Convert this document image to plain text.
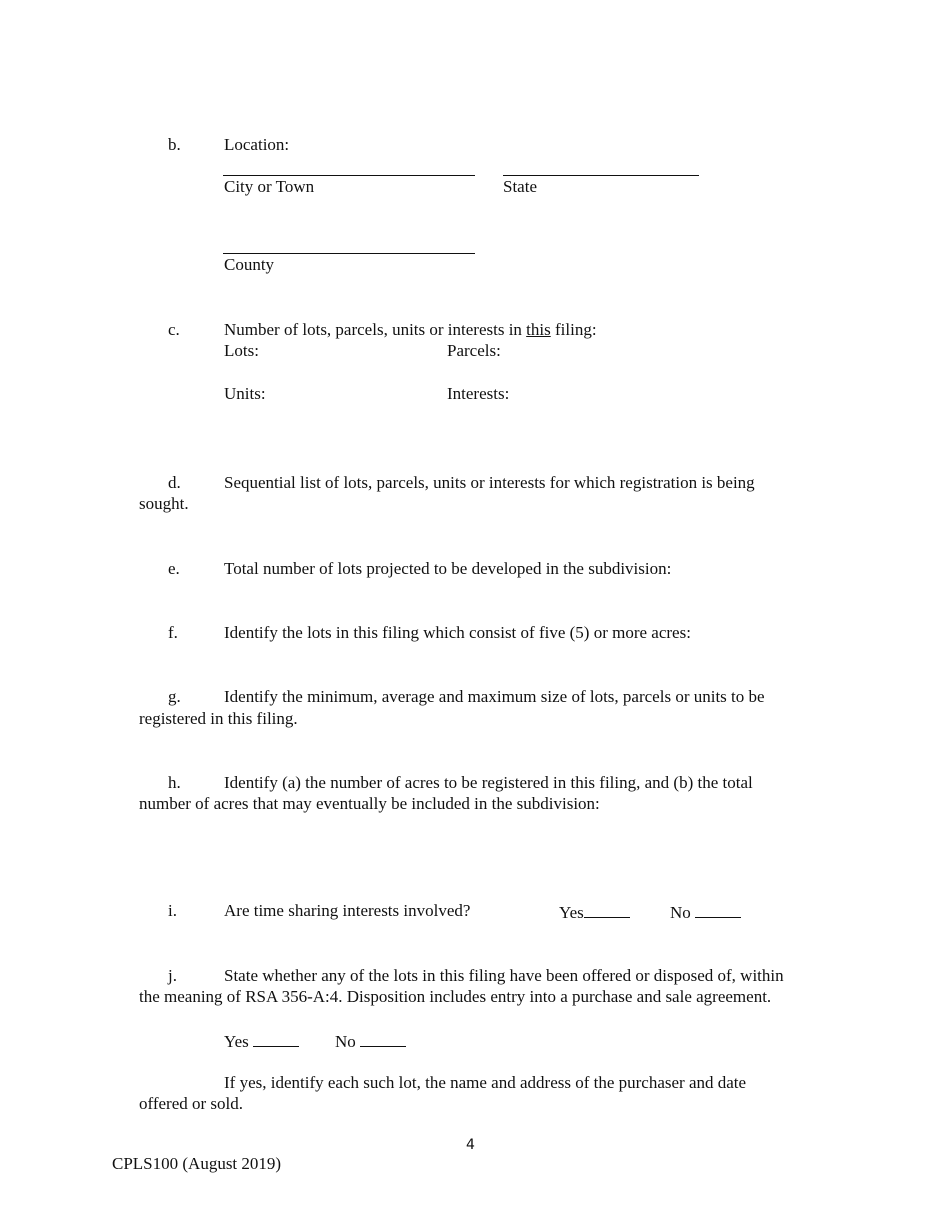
b.	Location:
City or Town	State
County
c.	Number of lots, parcels, units or interests in this filing:
Lots:	Parcels:
Units:	Interests:
d.	Sequential list of lots, parcels, units or interests for which registration is being
sought.
e.	Total number of lots projected to be developed in the subdivision:
f.	Identify the lots in this filing which consist of five (5) or more acres:
g.	Identify the minimum, average and maximum size of lots, parcels or units to be
registered in this filing.
h.	Identify (a) the number of acres to be registered in this filing, and (b) the total
number of acres that may eventually be included in the subdivision:
i.	Are time sharing interests involved?	Yes	No
j.	State whether any of the lots in this filing have been offered or disposed of, within
the meaning of RSA 356-A:4. Disposition includes entry into a purchase and sale agreement.
Yes	No
If yes, identify each such lot, the name and address of the purchaser and date
offered or sold.
4
CPLS100 (August 2019)
